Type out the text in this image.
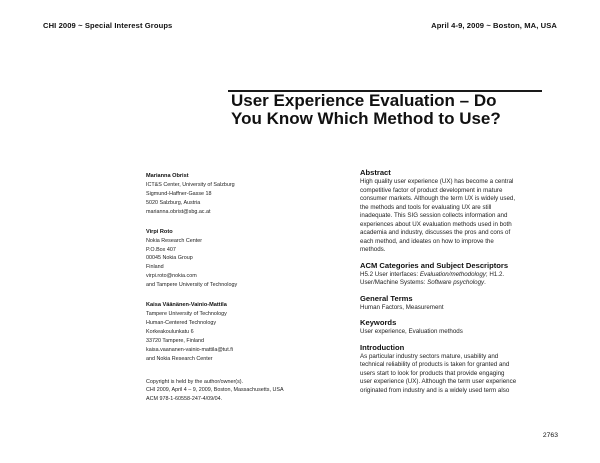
CHI 2009 ~ Special Interest Groups	April 4-9, 2009 ~ Boston, MA, USA
User Experience Evaluation – Do
You Know Which Method to Use?
Marianna Obrist
ICT&S Center, University of Salzburg
Sigmund-Haffner-Gasse 18
5020 Salzburg, Austria
marianna.obrist@sbg.ac.at
Virpi Roto
Nokia Research Center
P.O.Box 407
00045 Nokia Group
Finland
virpi.roto@nokia.com
and Tampere University of Technology
Kaisa Väänänen-Vainio-Mattila
Tampere University of Technology
Human-Centered Technology
Korkeakoulunkatu 6
33720 Tampere, Finland
kaisa.vaananen-vainio-mattila@tut.fi
and Nokia Research Center
Copyright is held by the author/owner(s).
CHI 2009, April 4 – 9, 2009, Boston, Massachusetts, USA
ACM 978-1-60558-247-4/09/04.
Abstract
High quality user experience (UX) has become a central
competitive factor of product development in mature
consumer markets. Although the term UX is widely used,
the methods and tools for evaluating UX are still
inadequate. This SIG session collects information and
experiences about UX evaluation methods used in both
academia and industry, discusses the pros and cons of
each method, and ideates on how to improve the
methods.
ACM Categories and Subject Descriptors
H5.2 User interfaces: Evaluation/methodology; H1.2.
User/Machine Systems: Software psychology.
General Terms
Human Factors, Measurement
Keywords
User experience, Evaluation methods
Introduction
As particular industry sectors mature, usability and
technical reliability of products is taken for granted and
users start to look for products that provide engaging
user experience (UX). Although the term user experience
originated from industry and is a widely used term also
2763
